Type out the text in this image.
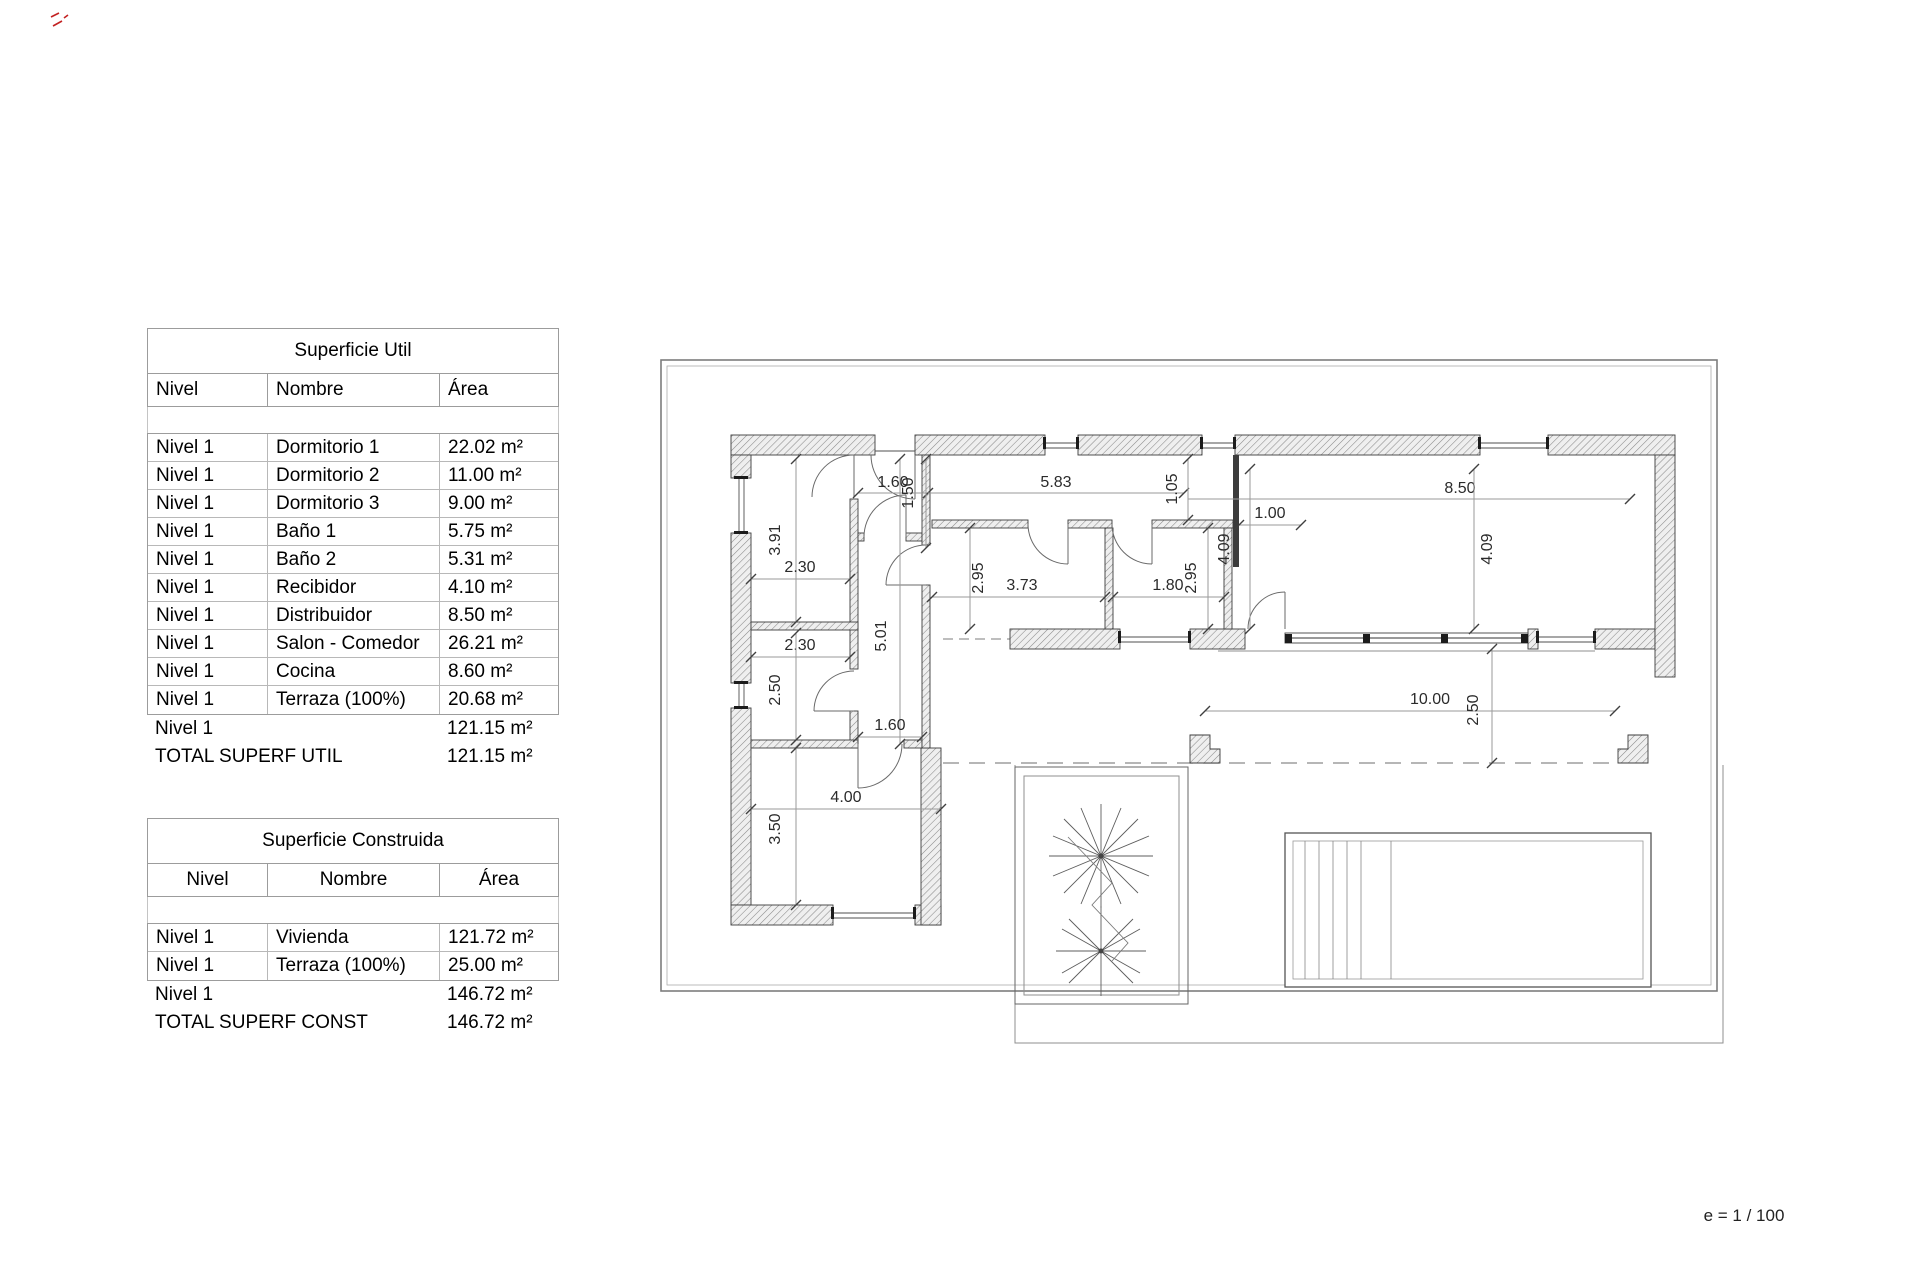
Superficie Util
Nivel	Nombre	Área
Nivel 1	Dormitorio 1	22.02 m²
Nivel 1	Dormitorio 2	11.00 m²
Nivel 1	Dormitorio 3	9.00 m²
Nivel 1	Baño 1	5.75 m²
Nivel 1	Baño 2	5.31 m²
Nivel 1	Recibidor	4.10 m²
Nivel 1	Distribuidor	8.50 m²
Nivel 1	Salon - Comedor	26.21 m²
Nivel 1	Cocina	8.60 m²
Nivel 1	Terraza (100%)	20.68 m²
Nivel 1	121.15 m²
TOTAL SUPERF UTIL	121.15 m²
Superficie Construida
Nivel	Nombre	Área
Nivel 1	Vivienda	121.72 m²
Nivel 1	Terraza (100%)	25.00 m²
Nivel 1	146.72 m²
TOTAL SUPERF CONST	146.72 m²
1.60
1.50	5.83	1.05	8.50
3.91
2.30	2.95 3.73	1.80 2.95
4.09
1.00
4.09
2.30	5.01
2.50
1.60
4.00
3.50
10.00 2.50
e = 1 / 100
